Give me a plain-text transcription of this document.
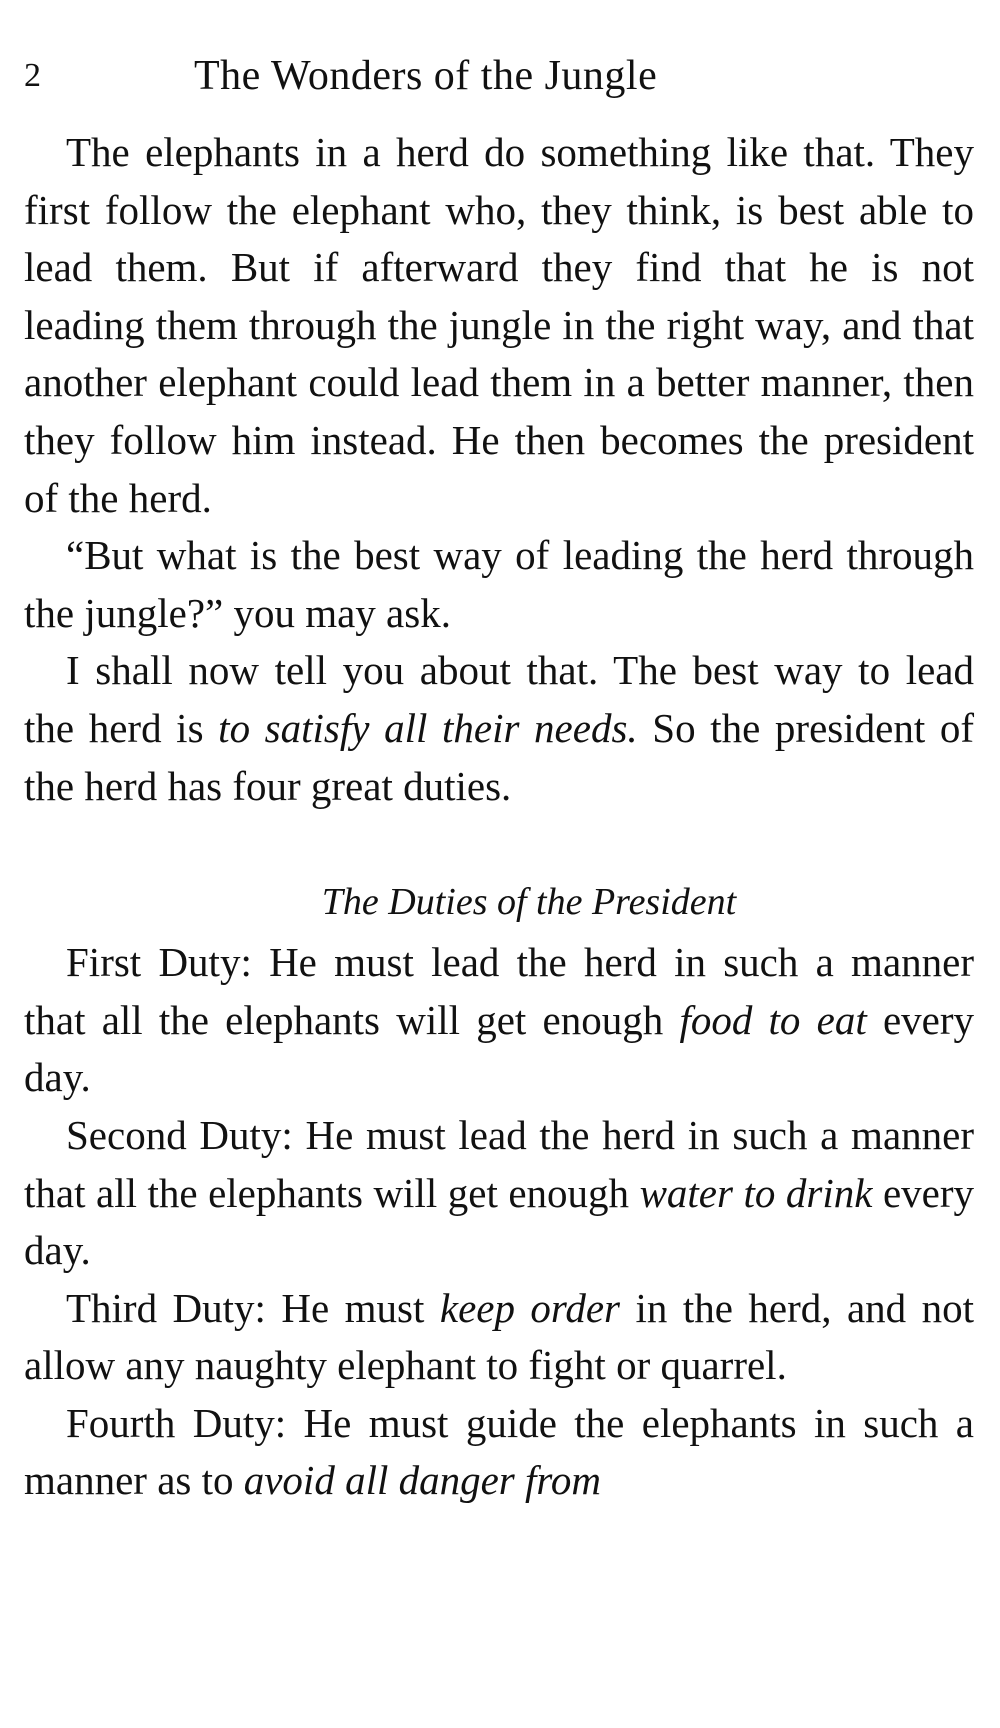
2	The Wonders of the Jungle

The elephants in a herd do something like that. They first follow the elephant who, they think, is best able to lead them. But if afterward they find that he is not leading them through the jungle in the right way, and that another elephant could lead them in a better manner, then they follow him instead. He then becomes the president of the herd.

“But what is the best way of leading the herd through the jungle?” you may ask.

I shall now tell you about that. The best way to lead the herd is to satisfy all their needs. So the president of the herd has four great duties.

The Duties of the President

First Duty: He must lead the herd in such a manner that all the elephants will get enough food to eat every day.

Second Duty: He must lead the herd in such a manner that all the elephants will get enough water to drink every day.

Third Duty: He must keep order in the herd, and not allow any naughty elephant to fight or quarrel.

Fourth Duty: He must guide the elephants in such a manner as to avoid all danger from
